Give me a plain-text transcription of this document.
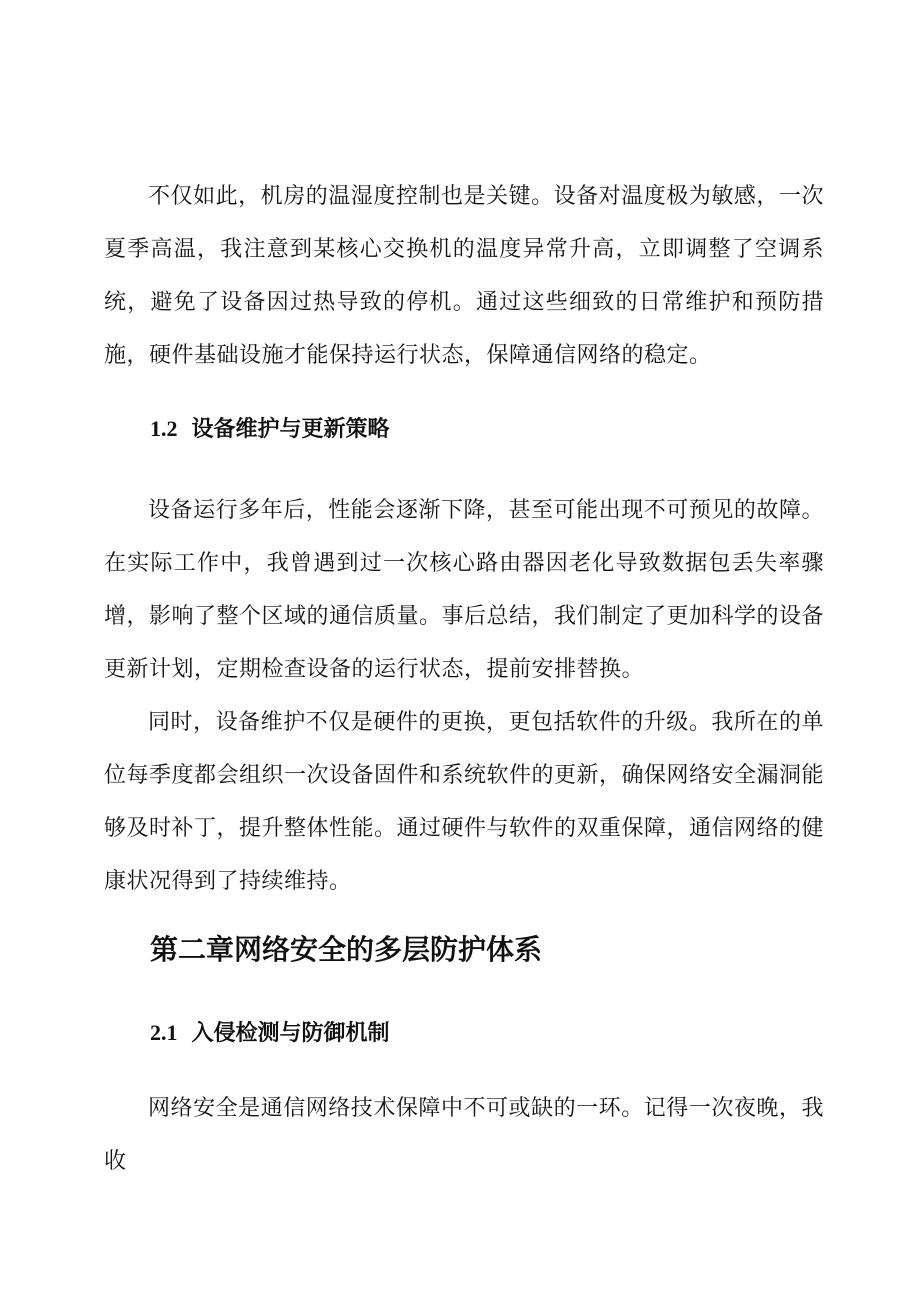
不仅如此，机房的温湿度控制也是关键。设备对温度极为敏感，一次夏季高温，我注意到某核心交换机的温度异常升高，立即调整了空调系统，避免了设备因过热导致的停机。通过这些细致的日常维护和预防措施，硬件基础设施才能保持运行状态，保障通信网络的稳定。

1.2 设备维护与更新策略

设备运行多年后，性能会逐渐下降，甚至可能出现不可预见的故障。在实际工作中，我曾遇到过一次核心路由器因老化导致数据包丢失率骤增，影响了整个区域的通信质量。事后总结，我们制定了更加科学的设备更新计划，定期检查设备的运行状态，提前安排替换。

同时，设备维护不仅是硬件的更换，更包括软件的升级。我所在的单位每季度都会组织一次设备固件和系统软件的更新，确保网络安全漏洞能够及时补丁，提升整体性能。通过硬件与软件的双重保障，通信网络的健康状况得到了持续维持。

第二章网络安全的多层防护体系
2.1 入侵检测与防御机制

网络安全是通信网络技术保障中不可或缺的一环。记得一次夜晚，我收
